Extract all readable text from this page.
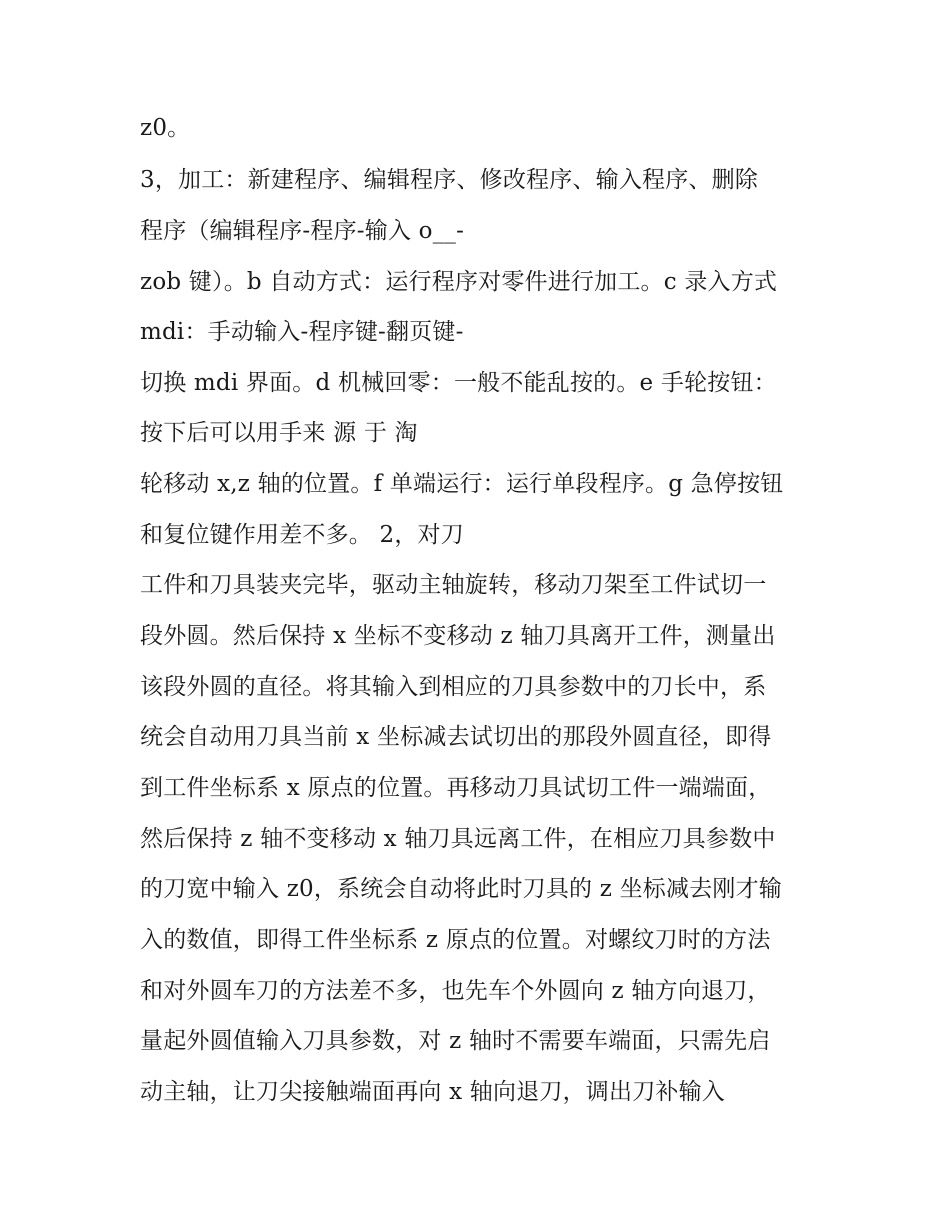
z0。
3，加工：新建程序、编辑程序、修改程序、输入程序、删除
程序（编辑程序-程序-输入 o__-
zob 键）。b 自动方式：运行程序对零件进行加工。c 录入方式
mdi：手动输入-程序键-翻页键-
切换 mdi 界面。d 机械回零：一般不能乱按的。e 手轮按钮：
按下后可以用手来 源 于 淘
轮移动 x,z 轴的位置。f 单端运行：运行单段程序。g 急停按钮
和复位键作用差不多。 2，对刀
工件和刀具装夹完毕，驱动主轴旋转，移动刀架至工件试切一
段外圆。然后保持 x 坐标不变移动 z 轴刀具离开工件，测量出
该段外圆的直径。将其输入到相应的刀具参数中的刀长中，系
统会自动用刀具当前 x 坐标减去试切出的那段外圆直径，即得
到工件坐标系 x 原点的位置。再移动刀具试切工件一端端面，
然后保持 z 轴不变移动 x 轴刀具远离工件，在相应刀具参数中
的刀宽中输入 z0，系统会自动将此时刀具的 z 坐标减去刚才输
入的数值，即得工件坐标系 z 原点的位置。对螺纹刀时的方法
和对外圆车刀的方法差不多，也先车个外圆向 z 轴方向退刀，
量起外圆值输入刀具参数，对 z 轴时不需要车端面，只需先启
动主轴，让刀尖接触端面再向 x 轴向退刀，调出刀补输入
